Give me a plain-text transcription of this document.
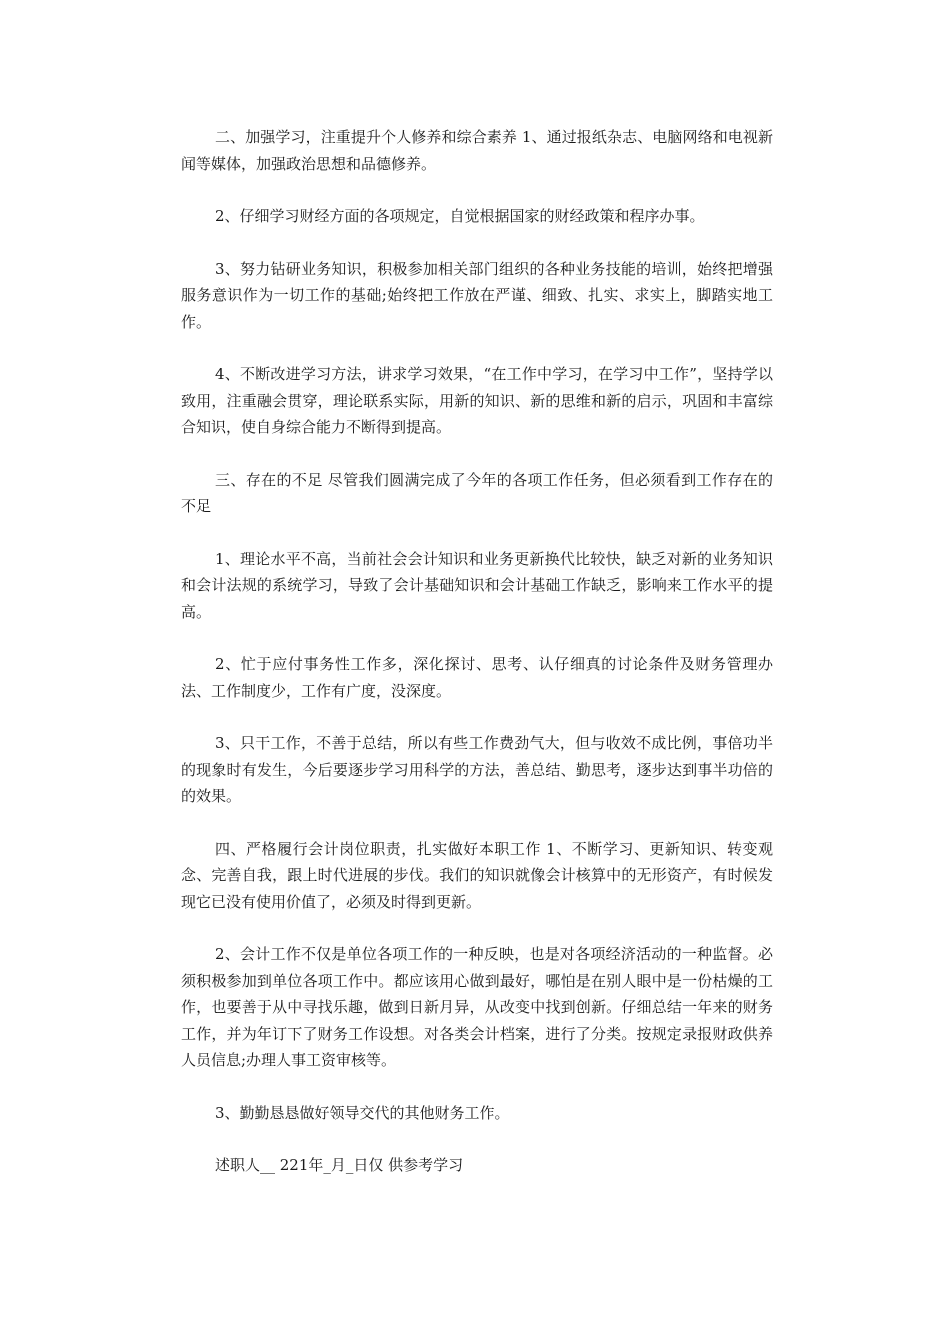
二、加强学习，注重提升个人修养和综合素养 1、通过报纸杂志、电脑网络和电视新闻等媒体，加强政治思想和品德修养。

2、仔细学习财经方面的各项规定，自觉根据国家的财经政策和程序办事。

3、努力钻研业务知识，积极参加相关部门组织的各种业务技能的培训，始终把增强服务意识作为一切工作的基础;始终把工作放在严谨、细致、扎实、求实上，脚踏实地工作。

4、不断改进学习方法，讲求学习效果，“在工作中学习，在学习中工作”，坚持学以致用，注重融会贯穿，理论联系实际，用新的知识、新的思维和新的启示，巩固和丰富综合知识，使自身综合能力不断得到提高。

三、存在的不足 尽管我们圆满完成了今年的各项工作任务，但必须看到工作存在的不足

1、理论水平不高，当前社会会计知识和业务更新换代比较快，缺乏对新的业务知识和会计法规的系统学习，导致了会计基础知识和会计基础工作缺乏，影响来工作水平的提高。

2、忙于应付事务性工作多，深化探讨、思考、认仔细真的讨论条件及财务管理办法、工作制度少，工作有广度，没深度。

3、只干工作，不善于总结，所以有些工作费劲气大，但与收效不成比例，事倍功半的现象时有发生，今后要逐步学习用科学的方法，善总结、勤思考，逐步达到事半功倍的的效果。

四、严格履行会计岗位职责，扎实做好本职工作 1、不断学习、更新知识、转变观念、完善自我，跟上时代进展的步伐。我们的知识就像会计核算中的无形资产，有时候发现它已没有使用价值了，必须及时得到更新。

2、会计工作不仅是单位各项工作的一种反映，也是对各项经济活动的一种监督。必须积极参加到单位各项工作中。都应该用心做到最好，哪怕是在别人眼中是一份枯燥的工作，也要善于从中寻找乐趣，做到日新月异，从改变中找到创新。仔细总结一年来的财务工作，并为年订下了财务工作设想。对各类会计档案，进行了分类。按规定录报财政供养人员信息;办理人事工资审核等。

3、勤勤恳恳做好领导交代的其他财务工作。

述职人__ 221年_月_日仅 供参考学习
